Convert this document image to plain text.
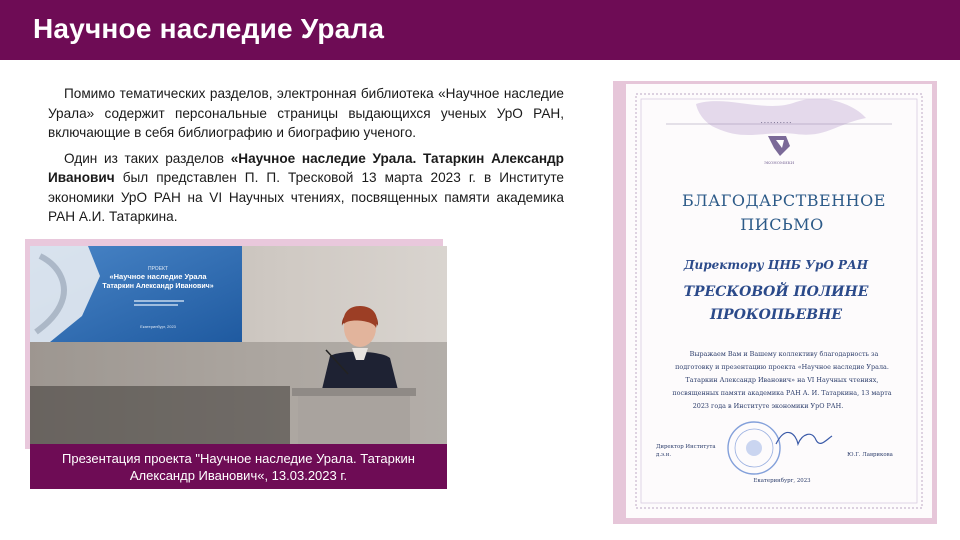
Научное наследие Урала

Помимо тематических разделов, электронная библиотека «Научное наследие Урала» содержит персональные страницы выдающихся ученых УрО РАН, включающие в себя библиографию и биографию ученого.

Один из таких разделов «Научное наследие Урала. Татаркин Александр Иванович был представлен П. П. Тресковой 13 марта 2023 г. в Институте экономики УрО РАН на VI Научных чтениях, посвященных памяти академика РАН А.И. Татаркина.

ПРОЕКТ
«Научное наследие Урала
Татаркин Александр Иванович»
Екатеринбург, 2023
Презентация проекта "Научное наследие Урала. Татаркин
Александр Иванович«, 13.03.2023 г.
• • • • • • • • • •
ЭКОНОМИКИ
БЛАГОДАРСТВЕННОЕ
ПИСЬМО
Директору ЦНБ УрО РАН
ТРЕСКОВОЙ ПОЛИНЕ
ПРОКОПЬЕВНЕ
Выражаем Вам и Вашему коллективу благодарность за
подготовку и презентацию проекта «Научное наследие Урала.
Татаркин Александр Иванович» на VI Научных чтениях,
посвященных памяти академика РАН А. И. Татаркина, 13 марта
2023 года в Институте экономики УрО РАН.
Директор Института
д.э.н.	Ю.Г. Лаврикова
Екатеринбург, 2023
